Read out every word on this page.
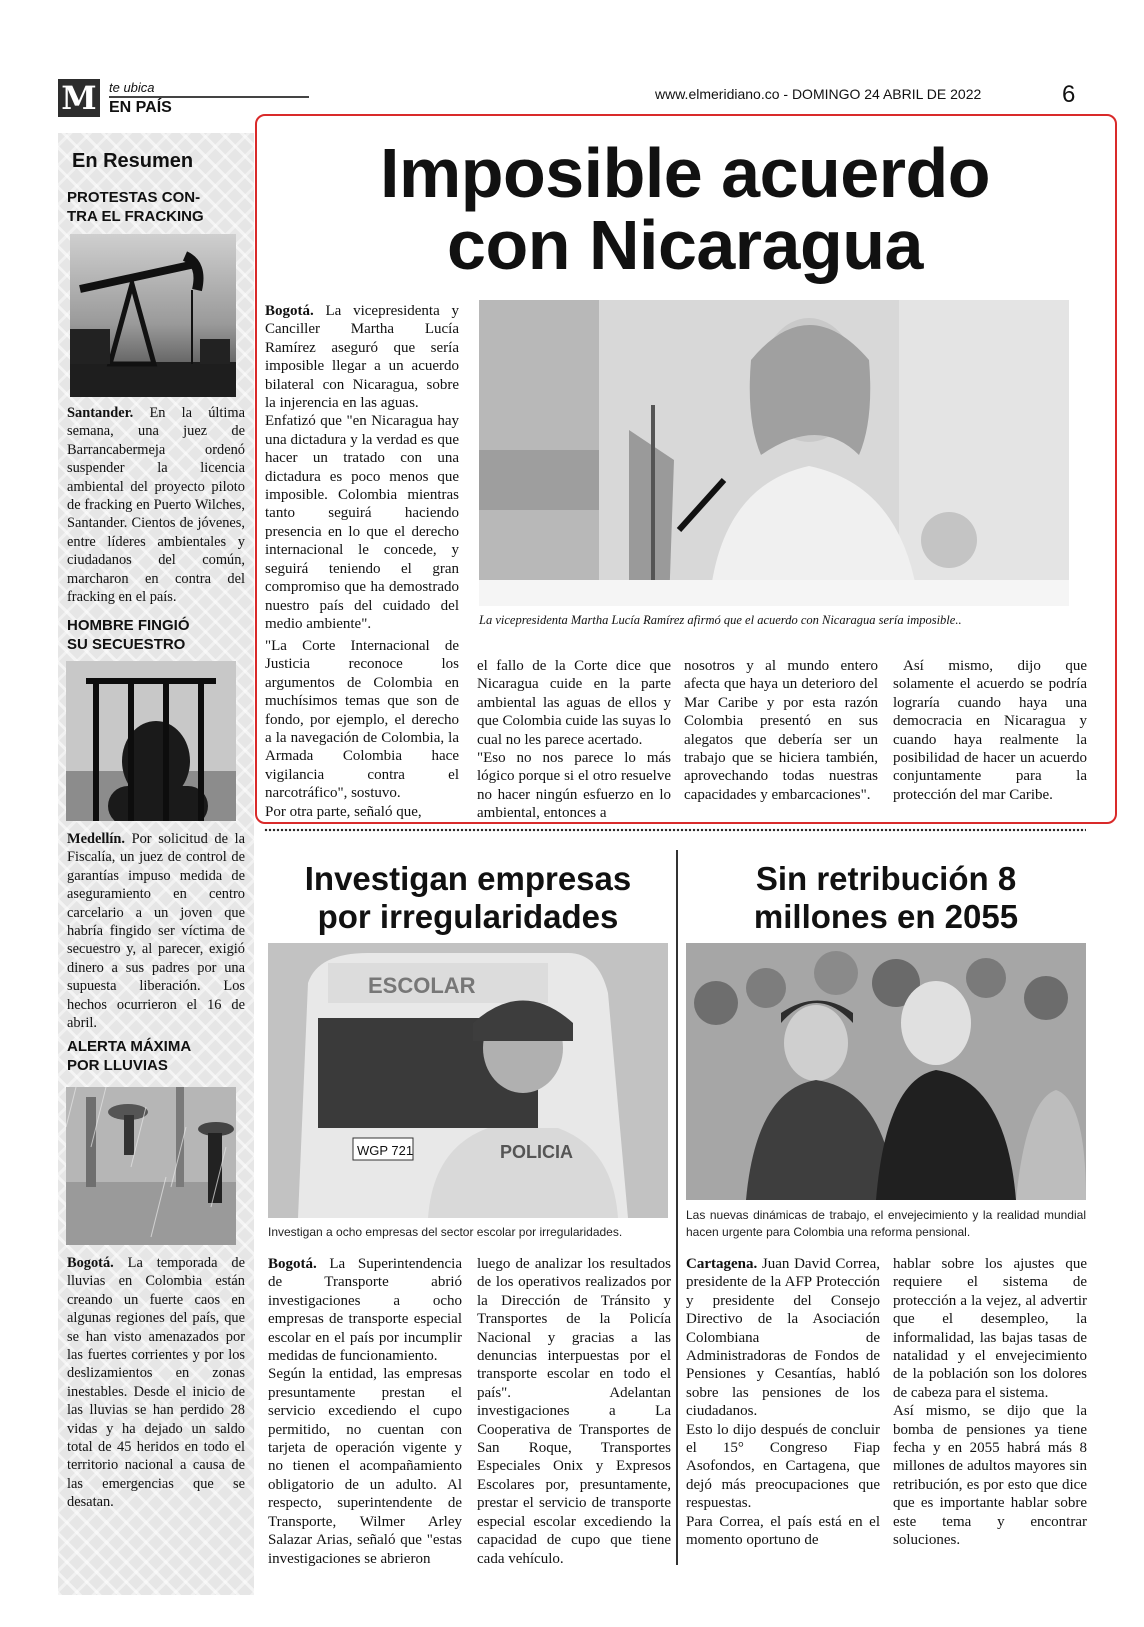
M te ubica
EN PAÍS
www.elmeridiano.co - DOMINGO 24 ABRIL DE 2022	6
En Resumen
PROTESTAS CON-
TRA EL FRACKING
Santander. En la última semana, una juez de Barrancabermeja ordenó suspender la licencia ambiental del proyecto piloto de fracking en Puerto Wilches, Santander. Cientos de jóvenes, entre líderes ambientales y ciudadanos del común, marcharon en contra del fracking en el país.
HOMBRE FINGIÓ
SU SECUESTRO
Medellín. Por solicitud de la Fiscalía, un juez de control de garantías impuso medida de aseguramiento en centro carcelario a un joven que habría fingido ser víctima de secuestro y, al parecer, exigió dinero a sus padres por una supuesta liberación. Los hechos ocurrieron el 16 de abril.
ALERTA MÁXIMA
POR LLUVIAS
Bogotá. La temporada de lluvias en Colombia están creando un fuerte caos en algunas regiones del país, que se han visto amenazados por las fuertes corrientes y por los deslizamientos en zonas inestables. Desde el inicio de las lluvias se han perdido 28 vidas y ha dejado un saldo total de 45 heridos en todo el territorio nacional a causa de las emergencias que se desatan.
Imposible acuerdo
con Nicaragua
Bogotá. La vicepresidenta y Canciller Martha Lucía Ramírez aseguró que sería imposible llegar a un acuerdo bilateral con Nicaragua, sobre la injerencia en las aguas.
Enfatizó que "en Nicaragua hay una dictadura y la verdad es que hacer un tratado con una dictadura es poco menos que imposible. Colombia mientras tanto seguirá haciendo presencia en lo que el derecho internacional le concede, y seguirá teniendo el gran compromiso que ha demostrado nuestro país del cuidado del medio ambiente".	La vicepresidenta Martha Lucía Ramírez afirmó que el acuerdo con Nicaragua sería imposible..
"La Corte Internacional de Justicia reconoce los argumentos de Colombia en muchísimos temas que son de fondo, por ejemplo, el derecho a la navegación de Colombia, la Armada Colombia hace vigilancia contra el narcotráfico", sostuvo.
Por otra parte, señaló que,
el fallo de la Corte dice que Nicaragua cuide en la parte ambiental las aguas de ellos y que Colombia cuide las suyas lo cual no les parece acertado.
"Eso no nos parece lo más lógico porque si el otro resuelve no hacer ningún esfuerzo en lo ambiental, entonces a
nosotros y al mundo entero afecta que haya un deterioro del Mar Caribe y por esta razón Colombia presentó en sus alegatos que debería ser un trabajo que se hiciera también, aprovechando todas nuestras capacidades y embarcaciones".
Así mismo, dijo que solamente el acuerdo se podría lograría cuando haya una democracia en Nicaragua y cuando haya realmente la posibilidad de hacer un acuerdo conjuntamente para la protección del mar Caribe.
Investigan empresas
por irregularidades
ESCOLAR
WGP 721	POLICIA
Investigan a ocho empresas del sector escolar por irregularidades.
Bogotá. La Superintendencia de Transporte abrió investigaciones a ocho empresas de transporte especial escolar en el país por incumplir medidas de funcionamiento.
Según la entidad, las empresas presuntamente prestan el servicio excediendo el cupo permitido, no cuentan con tarjeta de operación vigente y no tienen el acompañamiento obligatorio de un adulto. Al respecto, superintendente de Transporte, Wilmer Arley Salazar Arias, señaló que "estas investigaciones se abrieron
luego de analizar los resultados de los operativos realizados por la Dirección de Tránsito y Transportes de la Policía Nacional y gracias a las denuncias interpuestas por el transporte escolar en todo el país". Adelantan investigaciones a La Cooperativa de Transportes de San Roque, Transportes Especiales Onix y Expresos Escolares por, presuntamente, prestar el servicio de transporte especial escolar excediendo la capacidad de cupo que tiene cada vehículo.
Sin retribución 8
millones en 2055
Las nuevas dinámicas de trabajo, el envejecimiento y la realidad mundial hacen urgente para Colombia una reforma pensional.
Cartagena. Juan David Correa, presidente de la AFP Protección y presidente del Consejo Directivo de la Asociación Colombiana de Administradoras de Fondos de Pensiones y Cesantías, habló sobre las pensiones de los ciudadanos.
Esto lo dijo después de concluir el 15° Congreso Fiap Asofondos, en Cartagena, que dejó más preocupaciones que respuestas.
Para Correa, el país está en el momento oportuno de
hablar sobre los ajustes que requiere el sistema de protección a la vejez, al advertir que el desempleo, la informalidad, las bajas tasas de natalidad y el envejecimiento de la población son los dolores de cabeza para el sistema.
Así mismo, se dijo que la bomba de pensiones ya tiene fecha y en 2055 habrá más 8 millones de adultos mayores sin retribución, es por esto que dice que es importante hablar sobre este tema y encontrar soluciones.
